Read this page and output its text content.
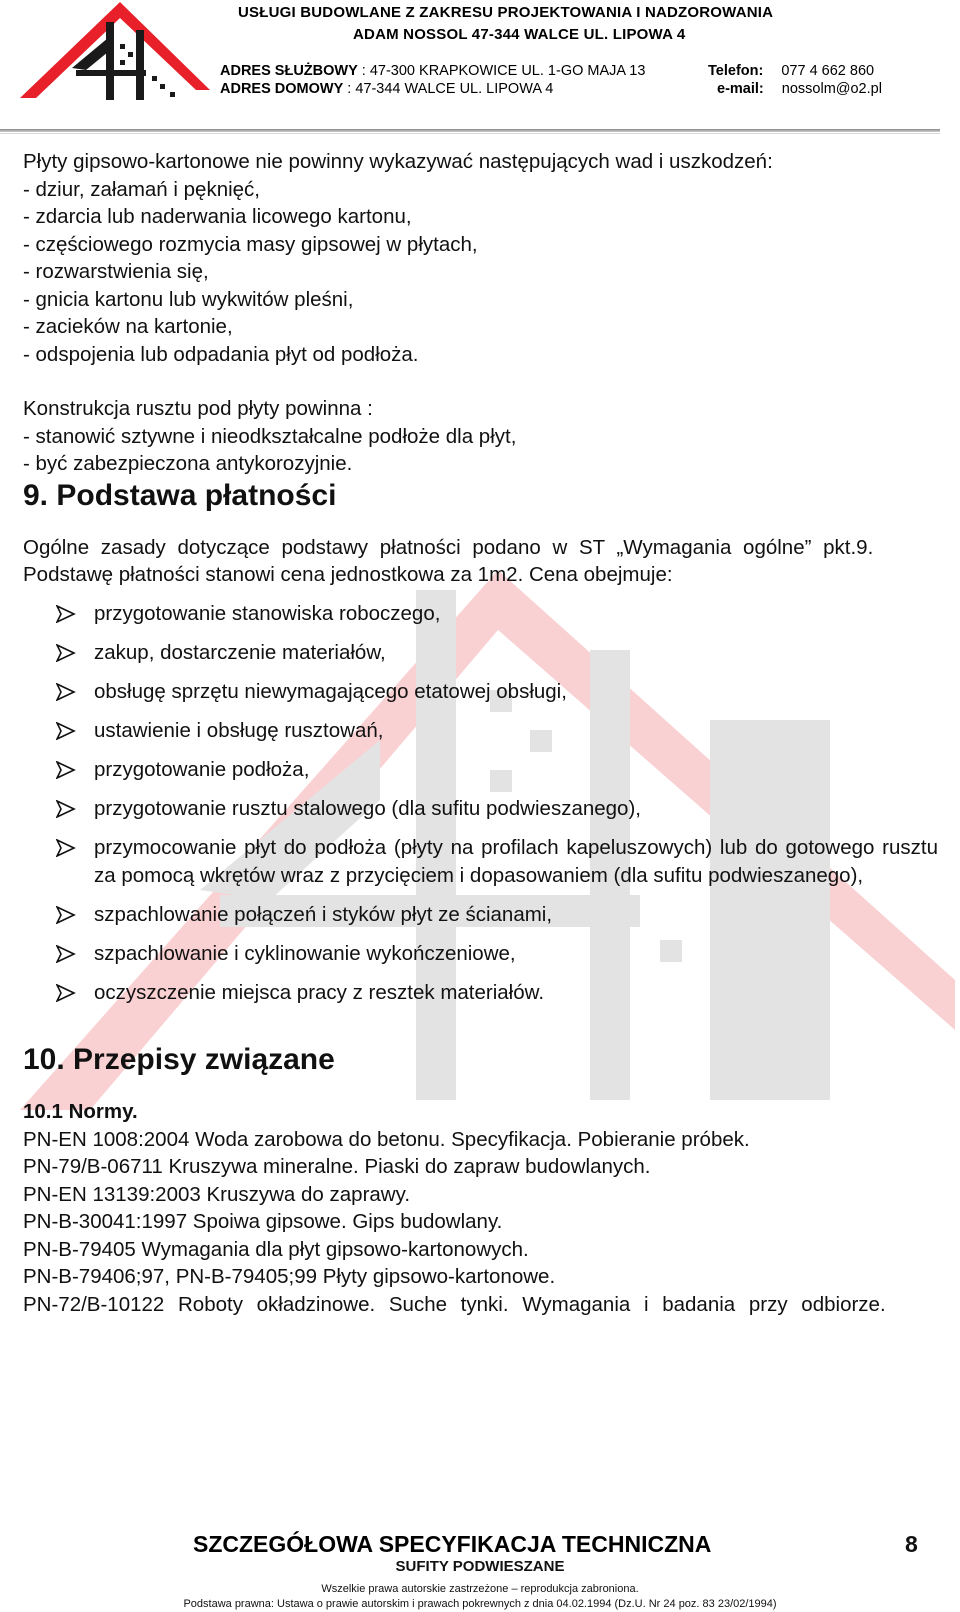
USŁUGI BUDOWLANE Z ZAKRESU PROJEKTOWANIA I NADZOROWANIA
ADAM NOSSOL 47-344 WALCE UL. LIPOWA 4
ADRES SŁUŻBOWY : 47-300 KRAPKOWICE UL. 1-GO MAJA 13
ADRES DOMOWY : 47-344 WALCE UL. LIPOWA 4
Telefon: 077 4 662 860
e-mail: nossolm@o2.pl

Płyty gipsowo-kartonowe nie powinny wykazywać następujących wad i uszkodzeń:

- dziur, załamań i pęknięć,

- zdarcia lub naderwania licowego kartonu,

- częściowego rozmycia masy gipsowej w płytach,

- rozwarstwienia się,

- gnicia kartonu lub wykwitów pleśni,

- zacieków na kartonie,

- odspojenia lub odpadania płyt od podłoża.

Konstrukcja rusztu pod płyty powinna :

- stanowić sztywne i nieodkształcalne podłoże dla płyt,

- być zabezpieczona antykorozyjnie.

9. Podstawa płatności

Ogólne zasady dotyczące podstawy płatności podano w ST „Wymagania ogólne” pkt.9.

Podstawę płatności stanowi cena jednostkowa za 1m2. Cena obejmuje:

przygotowanie stanowiska roboczego,
zakup, dostarczenie materiałów,
obsługę sprzętu niewymagającego etatowej obsługi,
ustawienie i obsługę rusztowań,
przygotowanie podłoża,
przygotowanie rusztu stalowego (dla sufitu podwieszanego),
przymocowanie płyt do podłoża (płyty na profilach kapeluszowych) lub do gotowego rusztu za pomocą wkrętów wraz z przycięciem i dopasowaniem (dla sufitu podwieszanego),
szpachlowanie połączeń i styków płyt ze ścianami,
szpachlowanie i cyklinowanie wykończeniowe,
oczyszczenie miejsca pracy z resztek materiałów.

10. Przepisy związane

10.1 Normy.

PN-EN 1008:2004 Woda zarobowa do betonu. Specyfikacja. Pobieranie próbek.

PN-79/B-06711 Kruszywa mineralne. Piaski do zapraw budowlanych.

PN-EN 13139:2003 Kruszywa do zaprawy.

PN-B-30041:1997 Spoiwa gipsowe. Gips budowlany.

PN-B-79405 Wymagania dla płyt gipsowo-kartonowych.

PN-B-79406;97, PN-B-79405;99 Płyty gipsowo-kartonowe.

PN-72/B-10122 Roboty okładzinowe. Suche tynki. Wymagania i badania przy odbiorze.

SZCZEGÓŁOWA SPECYFIKACJA TECHNICZNA	8
SUFITY PODWIESZANE
Wszelkie prawa autorskie zastrzeżone – reprodukcja zabroniona.
Podstawa prawna: Ustawa o prawie autorskim i prawach pokrewnych z dnia 04.02.1994 (Dz.U. Nr 24 poz. 83 23/02/1994)
